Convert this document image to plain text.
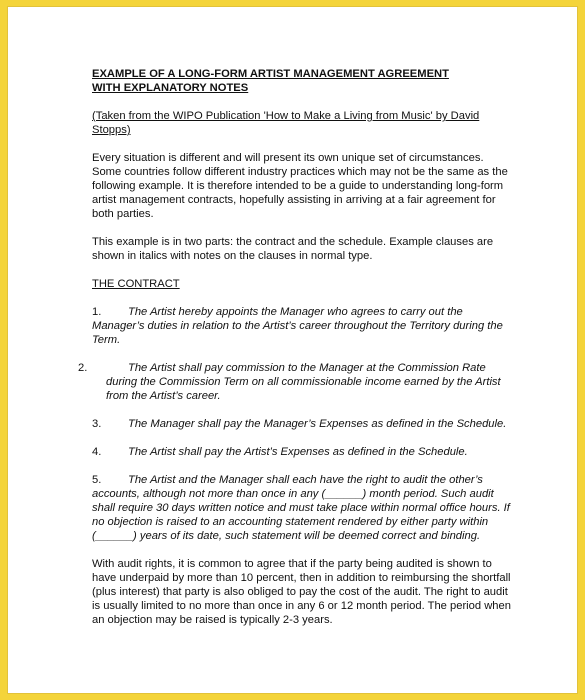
EXAMPLE OF A LONG-FORM ARTIST MANAGEMENT AGREEMENT
WITH EXPLANATORY NOTES

(Taken from the WIPO Publication 'How to Make a Living from Music' by David Stopps)

Every situation is different and will present its own unique set of circumstances. Some countries follow different industry practices which may not be the same as the following example. It is therefore intended to be a guide to understanding long-form artist management contracts, hopefully assisting in arriving at a fair agreement for both parties.

This example is in two parts: the contract and the schedule. Example clauses are shown in italics with notes on the clauses in normal type.

THE CONTRACT

1. The Artist hereby appoints the Manager who agrees to carry out the Manager’s duties in relation to the Artist’s career throughout the Territory during the Term.

2.	The Artist shall pay commission to the Manager at the Commission Rate during the Commission Term on all commissionable income earned by the Artist from the Artist’s career.

3. The Manager shall pay the Manager’s Expenses as defined in the Schedule.

4. The Artist shall pay the Artist’s Expenses as defined in the Schedule.

5. The Artist and the Manager shall each have the right to audit the other’s accounts, although not more than once in any (______) month period. Such audit shall require 30 days written notice and must take place within normal office hours. If no objection is raised to an accounting statement rendered by either party within (______) years of its date, such statement will be deemed correct and binding.

With audit rights, it is common to agree that if the party being audited is shown to have underpaid by more than 10 percent, then in addition to reimbursing the shortfall (plus interest) that party is also obliged to pay the cost of the audit. The right to audit is usually limited to no more than once in any 6 or 12 month period. The period when an objection may be raised is typically 2-3 years.
